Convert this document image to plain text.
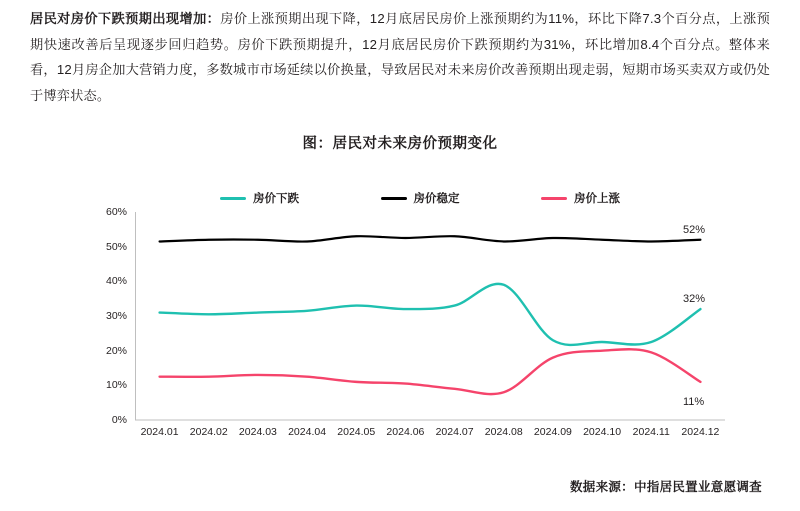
居民对房价下跌预期出现增加：房价上涨预期出现下降，12月底居民房价上涨预期约为11%，环比下降7.3个百分点，上涨预期快速改善后呈现逐步回归趋势。房价下跌预期提升，12月底居民房价下跌预期约为31%，环比增加8.4个百分点。整体来看，12月房企加大营销力度，多数城市市场延续以价换量，导致居民对未来房价改善预期出现走弱，短期市场买卖双方或仍处于博弈状态。
图：居民对未来房价预期变化
房价下跌	房价稳定	房价上涨
0%
10%
20%
30%
40%
50%
60%
52%
32%
11%
2024.01 2024.02 2024.03 2024.04 2024.05 2024.06 2024.07 2024.08 2024.09 2024.10 2024.11 2024.12
数据来源：中指居民置业意愿调查
